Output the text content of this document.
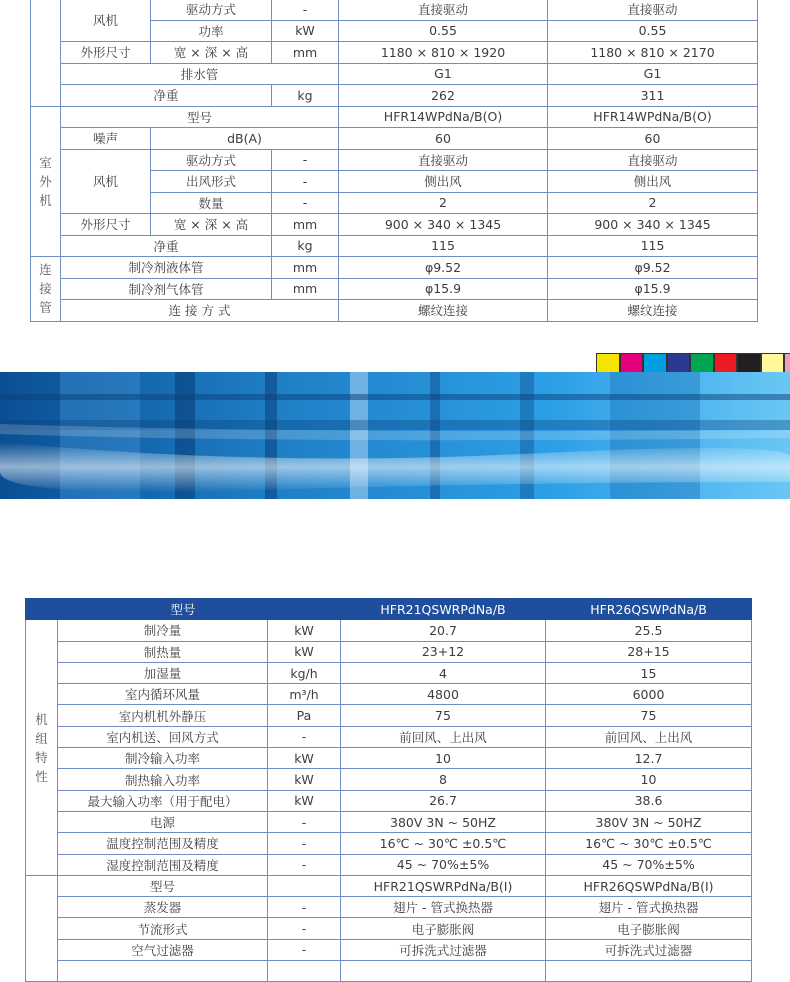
	风机	驱动方式	-	直接驱动	直接驱动
		功率	kW	0.55	0.55
	外形尺寸	宽 × 深 × 高	mm	1180 × 810 × 1920	1180 × 810 × 2170
	排水管			G1	G1
	净重		kg	262	311

室
外
机	型号			HFR14WPdNa/B(O)	HFR14WPdNa/B(O)
	噪声	dB(A)		60	60
	风机	驱动方式	-	直接驱动	直接驱动
		出风形式	-	侧出风	侧出风
		数量	-	2	2
	外形尺寸	宽 × 深 × 高	mm	900 × 340 × 1345	900 × 340 × 1345
	净重		kg	115	115

连
接
管	制冷剂液体管		mm	φ9.52	φ9.52
	制冷剂气体管		mm	φ15.9	φ15.9
	连 接 方 式			螺纹连接	螺纹连接
型号			HFR21QSWRPdNa/B	HFR26QSWPdNa/B

机
组
特
性	制冷量	kW	20.7	25.5
	制热量	kW	23+12	28+15
	加湿量	kg/h	4	15
	室内循环风量	m³/h	4800	6000
	室内机机外静压	Pa	75	75
	室内机送、回风方式	-	前回风、上出风	前回风、上出风
	制冷输入功率	kW	10	12.7
	制热输入功率	kW	8	10
	最大输入功率（用于配电）	kW	26.7	38.6
	电源	-	380V 3N ~ 50HZ	380V 3N ~ 50HZ
	温度控制范围及精度	-	16℃ ~ 30℃ ±0.5℃	16℃ ~ 30℃ ±0.5℃
	湿度控制范围及精度	-	45 ~ 70%±5%	45 ~ 70%±5%
	型号		HFR21QSWRPdNa/B(I)	HFR26QSWPdNa/B(I)
	蒸发器	-	翅片 - 管式换热器	翅片 - 管式换热器
	节流形式	-	电子膨胀阀	电子膨胀阀
	空气过滤器	-	可拆洗式过滤器	可拆洗式过滤器
